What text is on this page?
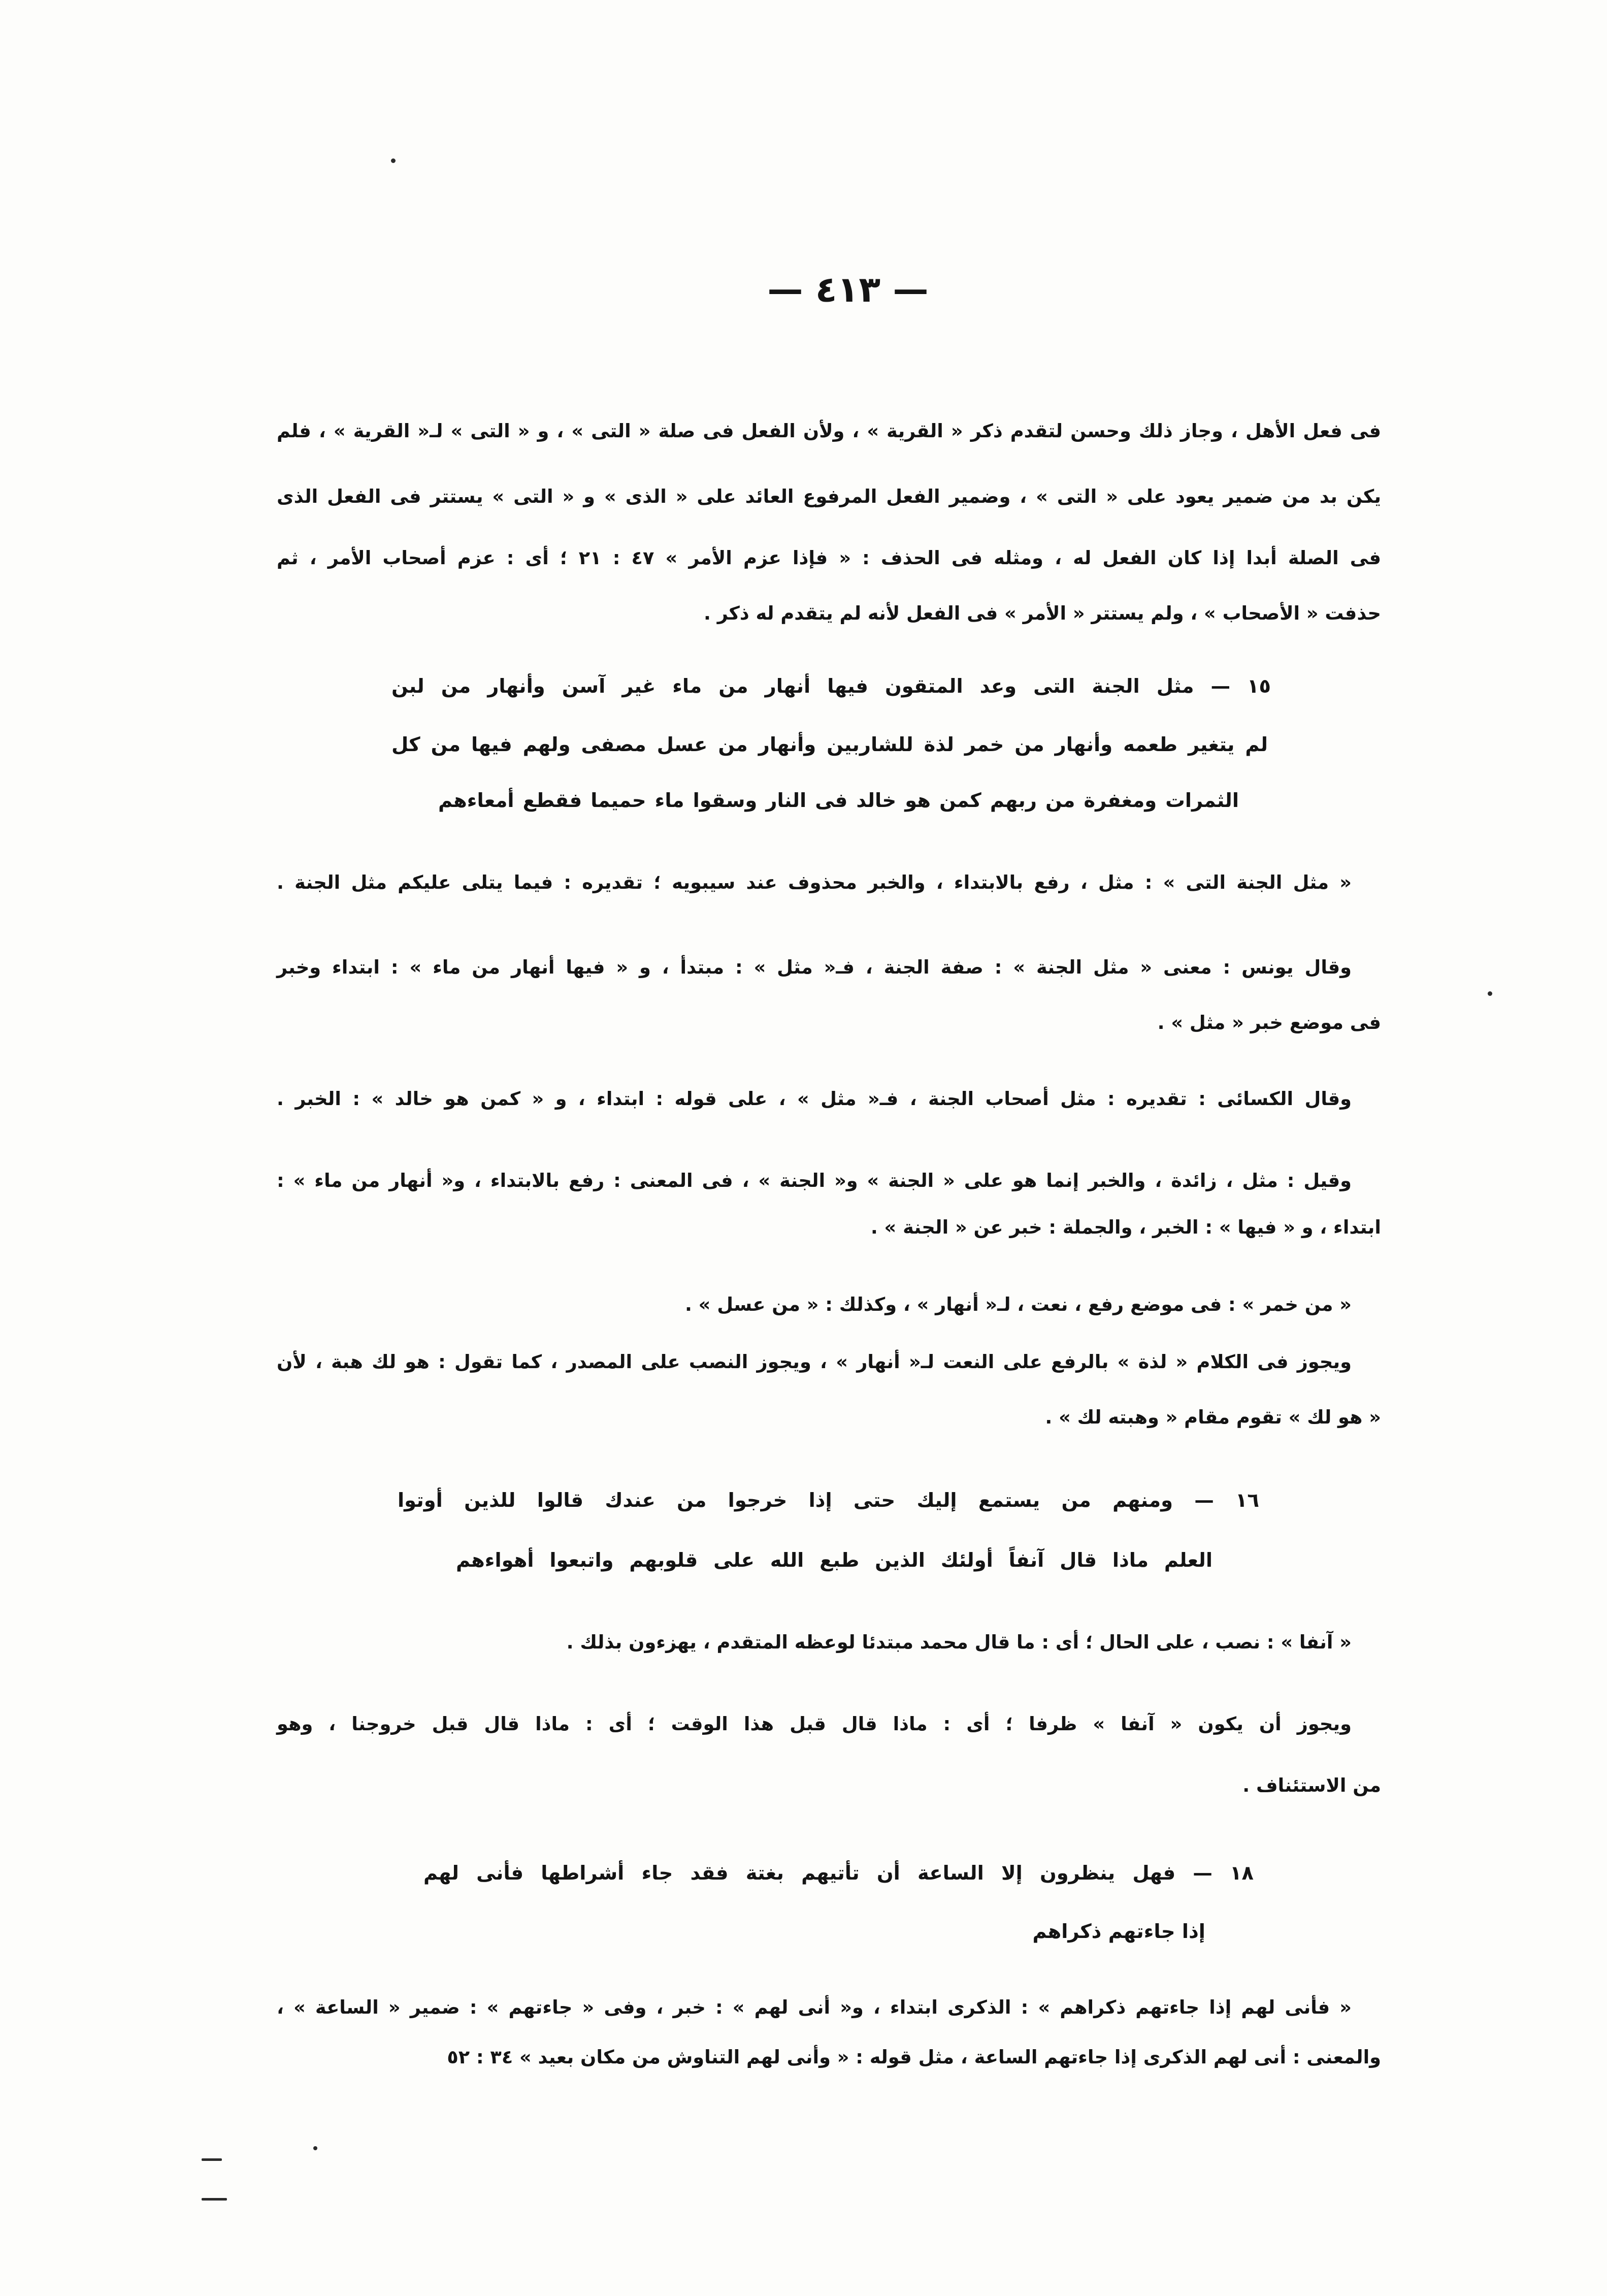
— ٤١٣ —
فى فعل الأهل ، وجاز ذلك وحسن لتقدم ذكر « القرية » ، ولأن الفعل فى صلة « التى » ، و « التى » لـ« القرية » ، فلم
يكن بد من ضمير يعود على « التى » ، وضمير الفعل المرفوع العائد على « الذى » و « التى » يستتر فى الفعل الذى
فى الصلة أبدا إذا كان الفعل له ، ومثله فى الحذف : « فإذا عزم الأمر » ٤٧ : ٢١ ؛ أى : عزم أصحاب الأمر ، ثم
حذفت « الأصحاب » ، ولم يستتر « الأمر » فى الفعل لأنه لم يتقدم له ذكر .
١٥ — مثل الجنة التى وعد المتقون فيها أنهار من ماء غير آسن وأنهار من لبن
لم يتغير طعمه وأنهار من خمر لذة للشاربين وأنهار من عسل مصفى ولهم فيها من كل
الثمرات ومغفرة من ربهم كمن هو خالد فى النار وسقوا ماء حميما فقطع أمعاءهم
« مثل الجنة التى » : مثل ، رفع بالابتداء ، والخبر محذوف عند سيبويه ؛ تقديره : فيما يتلى عليكم مثل الجنة .
وقال يونس : معنى « مثل الجنة » : صفة الجنة ، فـ« مثل » : مبتدأ ، و « فيها أنهار من ماء » : ابتداء وخبر
فى موضع خبر « مثل » .
وقال الكسائى : تقديره : مثل أصحاب الجنة ، فـ« مثل » ، على قوله : ابتداء ، و « كمن هو خالد » : الخبر .
وقيل : مثل ، زائدة ، والخبر إنما هو على « الجنة » و« الجنة » ، فى المعنى : رفع بالابتداء ، و« أنهار من ماء » :
ابتداء ، و « فيها » : الخبر ، والجملة : خبر عن « الجنة » .
« من خمر » : فى موضع رفع ، نعت ، لـ« أنهار » ، وكذلك : « من عسل » .
ويجوز فى الكلام « لذة » بالرفع على النعت لـ« أنهار » ، ويجوز النصب على المصدر ، كما تقول : هو لك هبة ، لأن
« هو لك » تقوم مقام « وهبته لك » .
١٦ — ومنهم من يستمع إليك حتى إذا خرجوا من عندك قالوا للذين أوتوا
العلم ماذا قال آنفاً أولئك الذين طبع الله على قلوبهم واتبعوا أهواءهم
« آنفا » : نصب ، على الحال ؛ أى : ما قال محمد مبتدئا لوعظه المتقدم ، يهزءون بذلك .
ويجوز أن يكون « آنفا » ظرفا ؛ أى : ماذا قال قبل هذا الوقت ؛ أى : ماذا قال قبل خروجنا ، وهو
من الاستئناف .
١٨ — فهل ينظرون إلا الساعة أن تأتيهم بغتة فقد جاء أشراطها فأنى لهم
إذا جاءتهم ذكراهم
« فأنى لهم إذا جاءتهم ذكراهم » : الذكرى ابتداء ، و« أنى لهم » : خبر ، وفى « جاءتهم » : ضمير « الساعة » ،
والمعنى : أنى لهم الذكرى إذا جاءتهم الساعة ، مثل قوله : « وأنى لهم التناوش من مكان بعيد » ٣٤ : ٥٢
